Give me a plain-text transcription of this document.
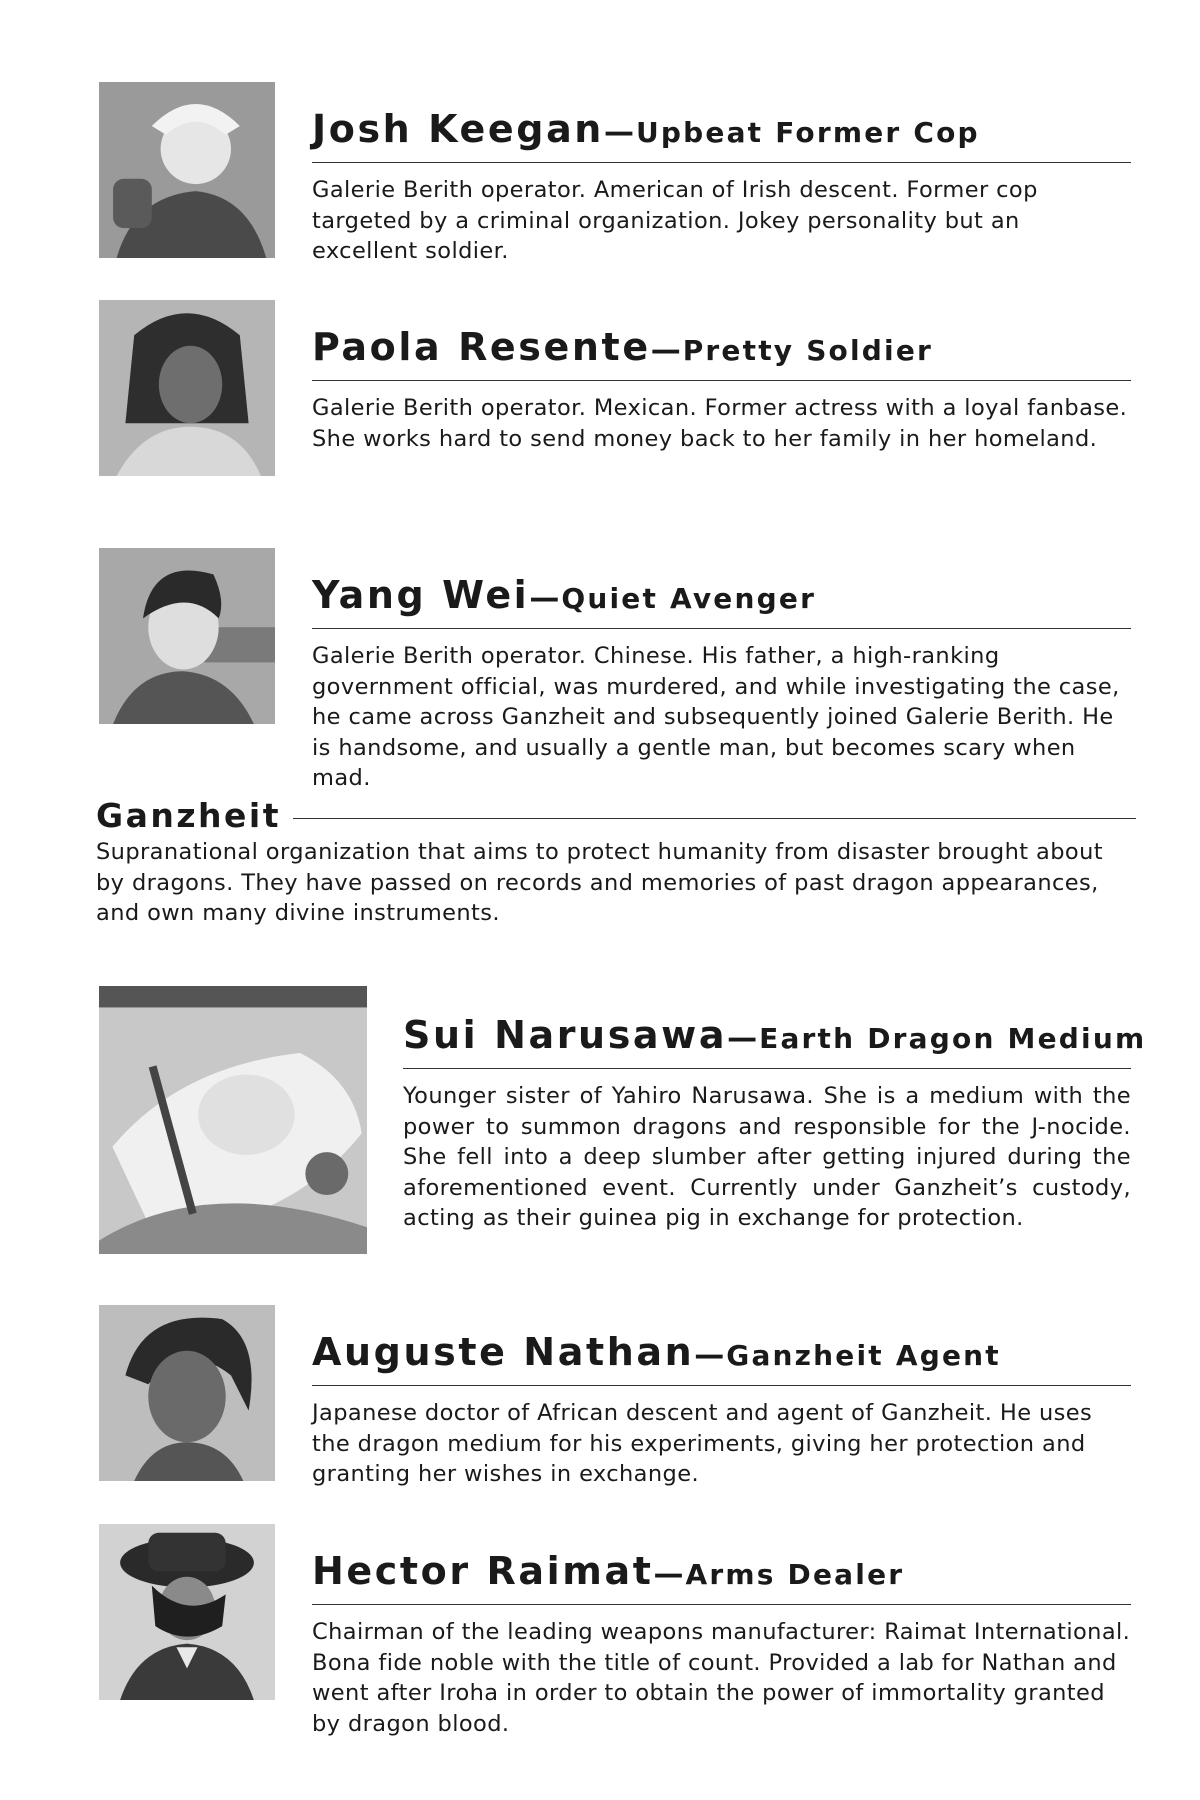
Josh Keegan—Upbeat Former Cop
Galerie Berith operator. American of Irish descent. Former cop targeted by a criminal organization. Jokey personality but an excellent soldier.
Paola Resente—Pretty Soldier
Galerie Berith operator. Mexican. Former actress with a loyal fanbase. She works hard to send money back to her family in her homeland.
Yang Wei—Quiet Avenger
Galerie Berith operator. Chinese. His father, a high-ranking government official, was murdered, and while investigating the case, he came across Ganzheit and subsequently joined Galerie Berith. He is handsome, and usually a gentle man, but becomes scary when mad.
Ganzheit
Supranational organization that aims to protect humanity from disaster brought about by dragons. They have passed on records and memories of past dragon appearances, and own many divine instruments.
Sui Narusawa—Earth Dragon Medium
Younger sister of Yahiro Narusawa. She is a medium with the power to summon dragons and responsible for the J-nocide. She fell into a deep slumber after getting injured during the aforementioned event. Currently under Ganzheit’s custody, acting as their guinea pig in exchange for protection.
Auguste Nathan—Ganzheit Agent
Japanese doctor of African descent and agent of Ganzheit. He uses the dragon medium for his experiments, giving her protection and granting her wishes in exchange.
Hector Raimat—Arms Dealer
Chairman of the leading weapons manufacturer: Raimat International. Bona fide noble with the title of count. Provided a lab for Nathan and went after Iroha in order to obtain the power of immortality granted by dragon blood.
